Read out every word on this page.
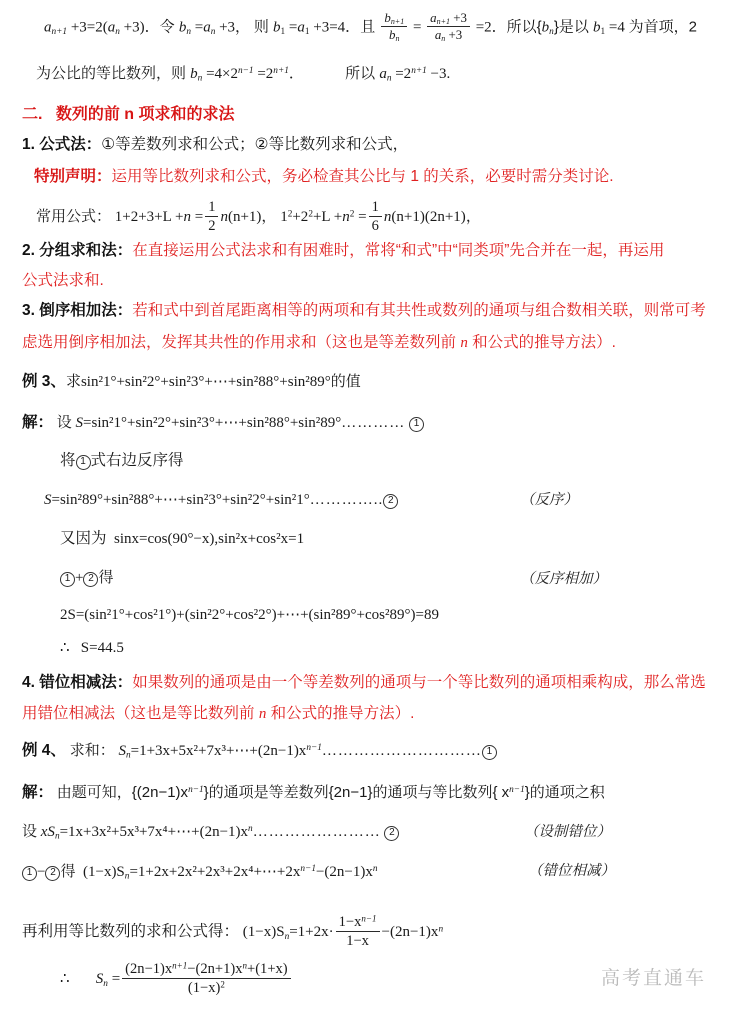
$a_{n+1} +3=2(a_n +3)$．令 $b_n =a_n +3$， 则 $b_1 =a_1 +3=4$．且 $\frac{b_{n+1}}{b_n} = \frac{a_{n+1} +3}{a_n +3} =2$．所以$\{b_n\}$是以 $b_1 =4$ 为首项，2
为公比的等比数列，则 $b_n =4\times 2^{n-1} =2^{n+1}$．           所以 $a_n =2^{n+1} -3$.
二. 数列的前 n 项求和的求法
1. 公式法：①等差数列求和公式；②等比数列求和公式，
特别声明：运用等比数列求和公式，务必检查其公比与 1 的关系，必要时需分类讨论.
常用公式： $1+2+3+L +n = \frac{1}{2} n(n+1)$， $1^2+2^2+L +n^2 = \frac{1}{6} n(n+1)(2n+1)$，
2. 分组求和法：在直接运用公式法求和有困难时，常将“和式”中“同类项”先合并在一起，再运用
公式法求和.
3. 倒序相加法：若和式中到首尾距离相等的两项和有其共性或数列的通项与组合数相关联，则常可考
虑选用倒序相加法，发挥其共性的作用求和（这也是等差数列前 n 和公式的推导方法）.
例 3、求sin²1°+sin²2°+sin²3°+⋯+sin²88°+sin²89°的值
解： 设 S=sin²1°+sin²2°+sin²3°+⋯+sin²88°+sin²89°………… 1
将 1 式右边反序得
S=sin²89°+sin²88°+⋯+sin²3°+sin²2°+sin²1°………….. 2	（反序）
又因为 sinx=cos(90°−x),sin²x+cos²x=1
1 + 2 得	（反序相加）
2S=(sin²1°+cos²1°)+(sin²2°+cos²2°)+⋯+(sin²89°+cos²89°)=89
∴ S=44.5
4. 错位相减法：如果数列的通项是由一个等差数列的通项与一个等比数列的通项相乘构成，那么常选
用错位相减法（这也是等比数列前 n 和公式的推导方法）.
例 4、 求和： $S_n=1+3x+5x^2+7x^3+\cdots+(2n-1)x^{n-1}\dots\dots\dots\dots\dots\dots\dots\dots\dots\dots$ 1
解： 由题可知，$\{(2n-1)x^{n-1}\}$的通项是等差数列{2n−1}的通项与等比数列{ $x^{n-1}$}的通项之积
设 $xS_n=1x+3x^2+5x^3+7x^4+\cdots+(2n-1)x^n\dots\dots\dots\dots\dots\dots\dots\dots$ 2	（设制错位）
1 − 2 得 $(1-x)S_n=1+2x+2x^2+2x^3+2x^4+\cdots+2x^{n-1}-(2n-1)x^n$	（错位相减）
再利用等比数列的求和公式得： $(1-x)S_n=1+2x\cdot \frac{1-x^{n-1}}{1-x} -(2n-1)x^n$
∴ $S_n = \frac{(2n-1)x^{n+1}-(2n+1)x^n+(1+x)}{(1-x)^2}$	高考直通车
